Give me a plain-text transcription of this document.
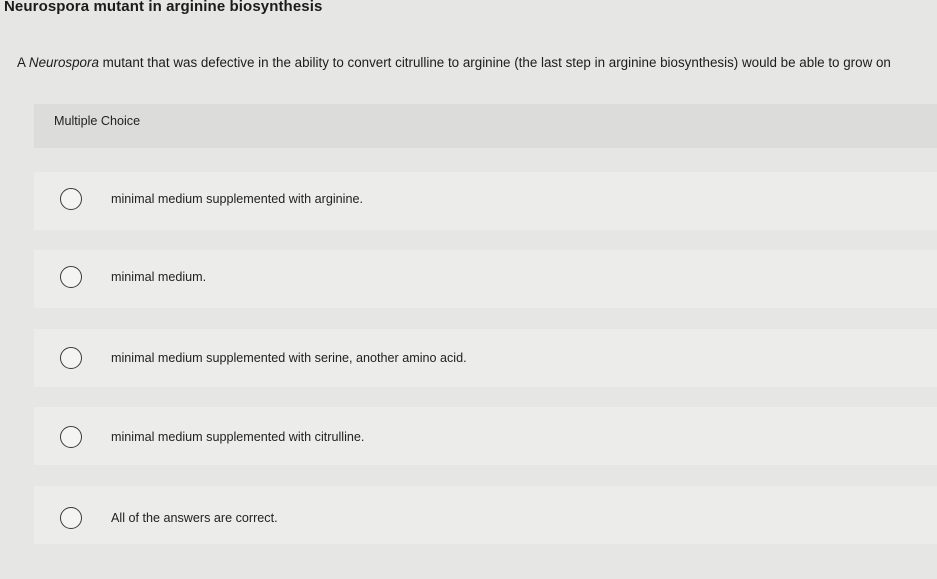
Neurospora mutant in arginine biosynthesis
A Neurospora mutant that was defective in the ability to convert citrulline to arginine (the last step in arginine biosynthesis) would be able to grow on
Multiple Choice
minimal medium supplemented with arginine.
minimal medium.
minimal medium supplemented with serine, another amino acid.
minimal medium supplemented with citrulline.
All of the answers are correct.
